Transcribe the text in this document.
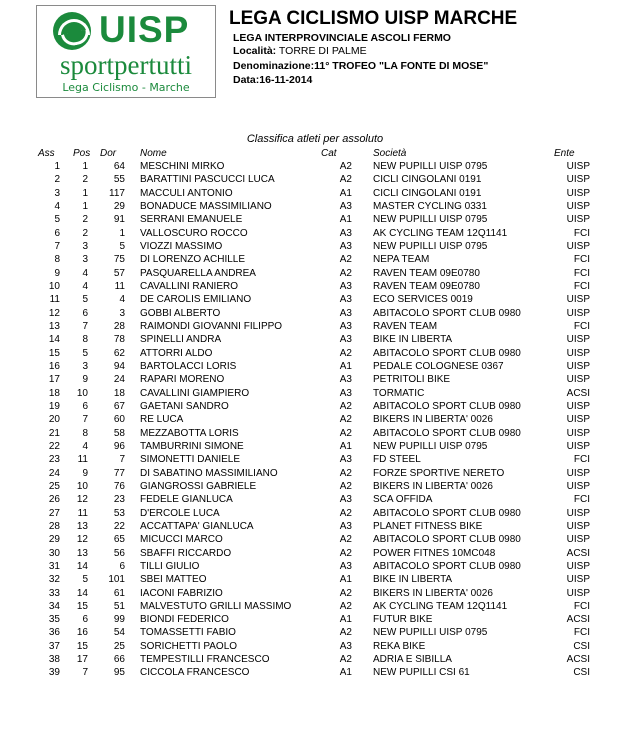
UISP
sportpertutti
Lega Ciclismo - Marche
LEGA CICLISMO UISP MARCHE
LEGA INTERPROVINCIALE ASCOLI FERMO
Località: TORRE DI PALME
Denominazione:11° TROFEO "LA FONTE DI MOSE"
Data:16-11-2014
Classifica atleti per assoluto
Ass Pos Dor Nome	Cat	Società	Ente
1	1	64 MESCHINI MIRKO	A2 NEW PUPILLI UISP 0795	UISP
2	2	55 BARATTINI PASCUCCI LUCA	A2 CICLI CINGOLANI 0191	UISP
3	1	117 MACCULI ANTONIO	A1 CICLI CINGOLANI 0191	UISP
4	1	29 BONADUCE MASSIMILIANO	A3 MASTER CYCLING 0331	UISP
5	2	91 SERRANI EMANUELE	A1 NEW PUPILLI UISP 0795	UISP
6	2	1 VALLOSCURO ROCCO	A3 AK CYCLING TEAM 12Q1141	FCI
7	3	5 VIOZZI MASSIMO	A3 NEW PUPILLI UISP 0795	UISP
8	3	75 DI LORENZO ACHILLE	A2 NEPA TEAM	FCI
9	4	57 PASQUARELLA ANDREA	A2 RAVEN TEAM 09E0780	FCI
10	4	11 CAVALLINI RANIERO	A3 RAVEN TEAM 09E0780	FCI
11	5	4 DE CAROLIS EMILIANO	A3 ECO SERVICES 0019	UISP
12	6	3 GOBBI ALBERTO	A3 ABITACOLO SPORT CLUB 0980	UISP
13	7	28 RAIMONDI GIOVANNI FILIPPO	A3 RAVEN TEAM	FCI
14	8	78 SPINELLI ANDRA	A3 BIKE IN LIBERTA	UISP
15	5	62 ATTORRI ALDO	A2 ABITACOLO SPORT CLUB 0980	UISP
16	3	94 BARTOLACCI LORIS	A1 PEDALE COLOGNESE 0367	UISP
17	9	24 RAPARI MORENO	A3 PETRITOLI BIKE	UISP
18	10	18 CAVALLINI GIAMPIERO	A3 TORMATIC	ACSI
19	6	67 GAETANI SANDRO	A2 ABITACOLO SPORT CLUB 0980	UISP
20	7	60 RE LUCA	A2 BIKERS IN LIBERTA' 0026	UISP
21	8	58 MEZZABOTTA LORIS	A2 ABITACOLO SPORT CLUB 0980	UISP
22	4	96 TAMBURRINI SIMONE	A1 NEW PUPILLI UISP 0795	UISP
23	11	7 SIMONETTI DANIELE	A3 FD STEEL	FCI
24	9	77 DI SABATINO MASSIMILIANO	A2 FORZE SPORTIVE NERETO	UISP
25	10	76 GIANGROSSI GABRIELE	A2 BIKERS IN LIBERTA' 0026	UISP
26	12	23 FEDELE GIANLUCA	A3 SCA OFFIDA	FCI
27	11	53 D'ERCOLE LUCA	A2 ABITACOLO SPORT CLUB 0980	UISP
28	13	22 ACCATTAPA' GIANLUCA	A3 PLANET FITNESS BIKE	UISP
29	12	65 MICUCCI MARCO	A2 ABITACOLO SPORT CLUB 0980	UISP
30	13	56 SBAFFI RICCARDO	A2 POWER FITNES 10MC048	ACSI
31	14	6 TILLI GIULIO	A3 ABITACOLO SPORT CLUB 0980	UISP
32	5	101 SBEI MATTEO	A1 BIKE IN LIBERTA	UISP
33	14	61 IACONI FABRIZIO	A2 BIKERS IN LIBERTA' 0026	UISP
34	15	51 MALVESTUTO GRILLI MASSIMO	A2 AK CYCLING TEAM 12Q1141	FCI
35	6	99 BIONDI FEDERICO	A1 FUTUR BIKE	ACSI
36	16	54 TOMASSETTI FABIO	A2 NEW PUPILLI UISP 0795	FCI
37	15	25 SORICHETTI PAOLO	A3 REKA BIKE	CSI
38	17	66 TEMPESTILLI FRANCESCO	A2 ADRIA E SIBILLA	ACSI
39	7	95 CICCOLA FRANCESCO	A1 NEW PUPILLI CSI 61	CSI
